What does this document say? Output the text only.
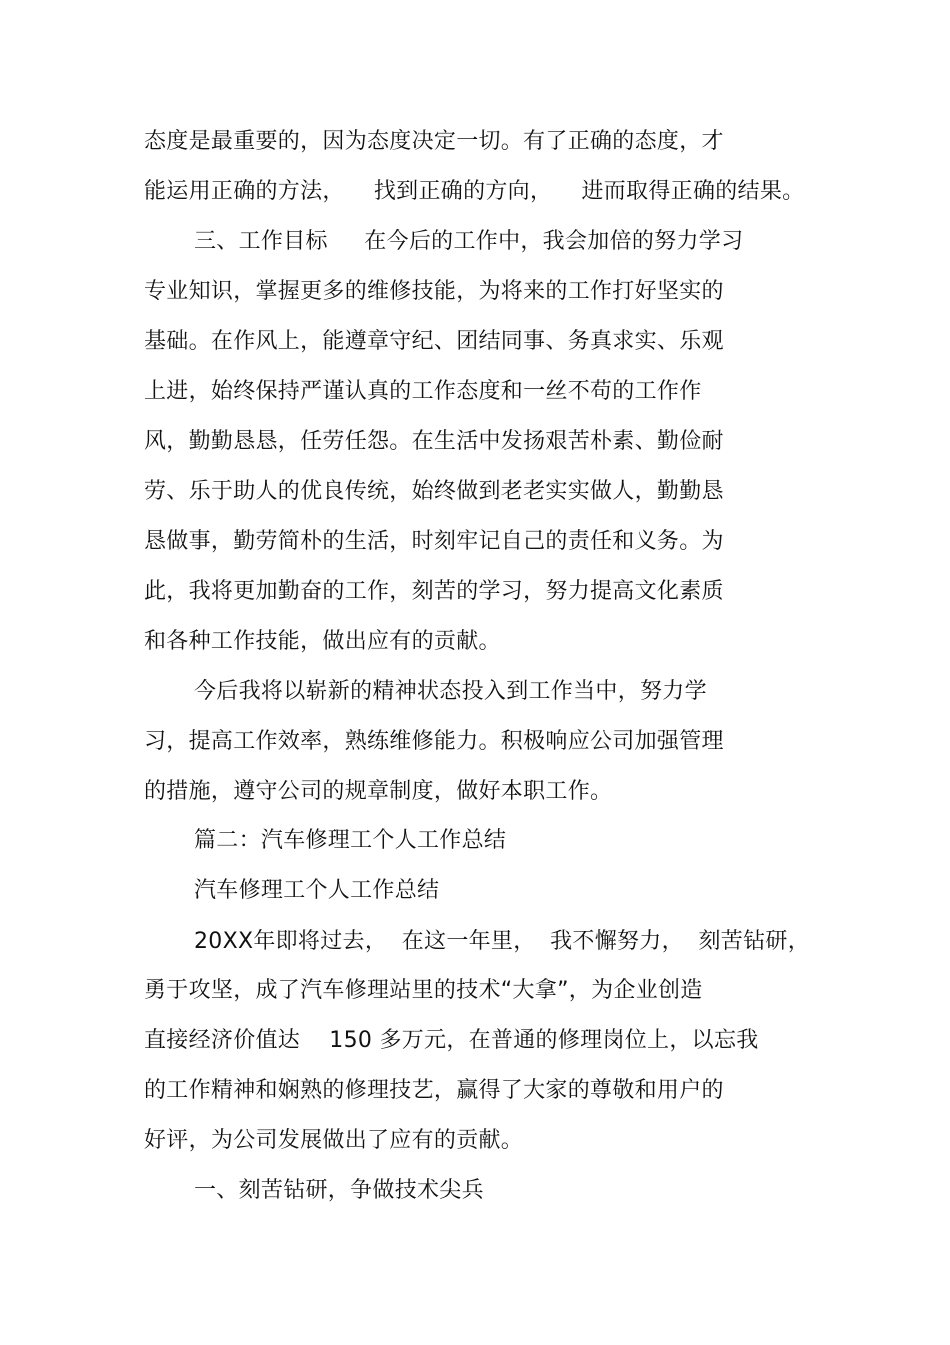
态度是最重要的，因为态度决定一切。有了正确的态度，才
能运用正确的方法，    找到正确的方向，    进而取得正确的结果。
三、工作目标     在今后的工作中，我会加倍的努力学习
专业知识，掌握更多的维修技能，为将来的工作打好坚实的
基础。在作风上，能遵章守纪、团结同事、务真求实、乐观
上进，始终保持严谨认真的工作态度和一丝不苟的工作作
风，勤勤恳恳，任劳任怨。在生活中发扬艰苦朴素、勤俭耐
劳、乐于助人的优良传统，始终做到老老实实做人，勤勤恳
恳做事，勤劳简朴的生活，时刻牢记自己的责任和义务。为
此，我将更加勤奋的工作，刻苦的学习，努力提高文化素质
和各种工作技能，做出应有的贡献。
今后我将以崭新的精神状态投入到工作当中，努力学
习，提高工作效率，熟练维修能力。积极响应公司加强管理
的措施，遵守公司的规章制度，做好本职工作。
篇二：汽车修理工个人工作总结
汽车修理工个人工作总结
20XX年即将过去，  在这一年里，  我不懈努力，  刻苦钻研，
勇于攻坚，成了汽车修理站里的技术“大拿”，为企业创造
直接经济价值达    150 多万元，在普通的修理岗位上，以忘我
的工作精神和娴熟的修理技艺，赢得了大家的尊敬和用户的
好评，为公司发展做出了应有的贡献。
一、刻苦钻研，争做技术尖兵
